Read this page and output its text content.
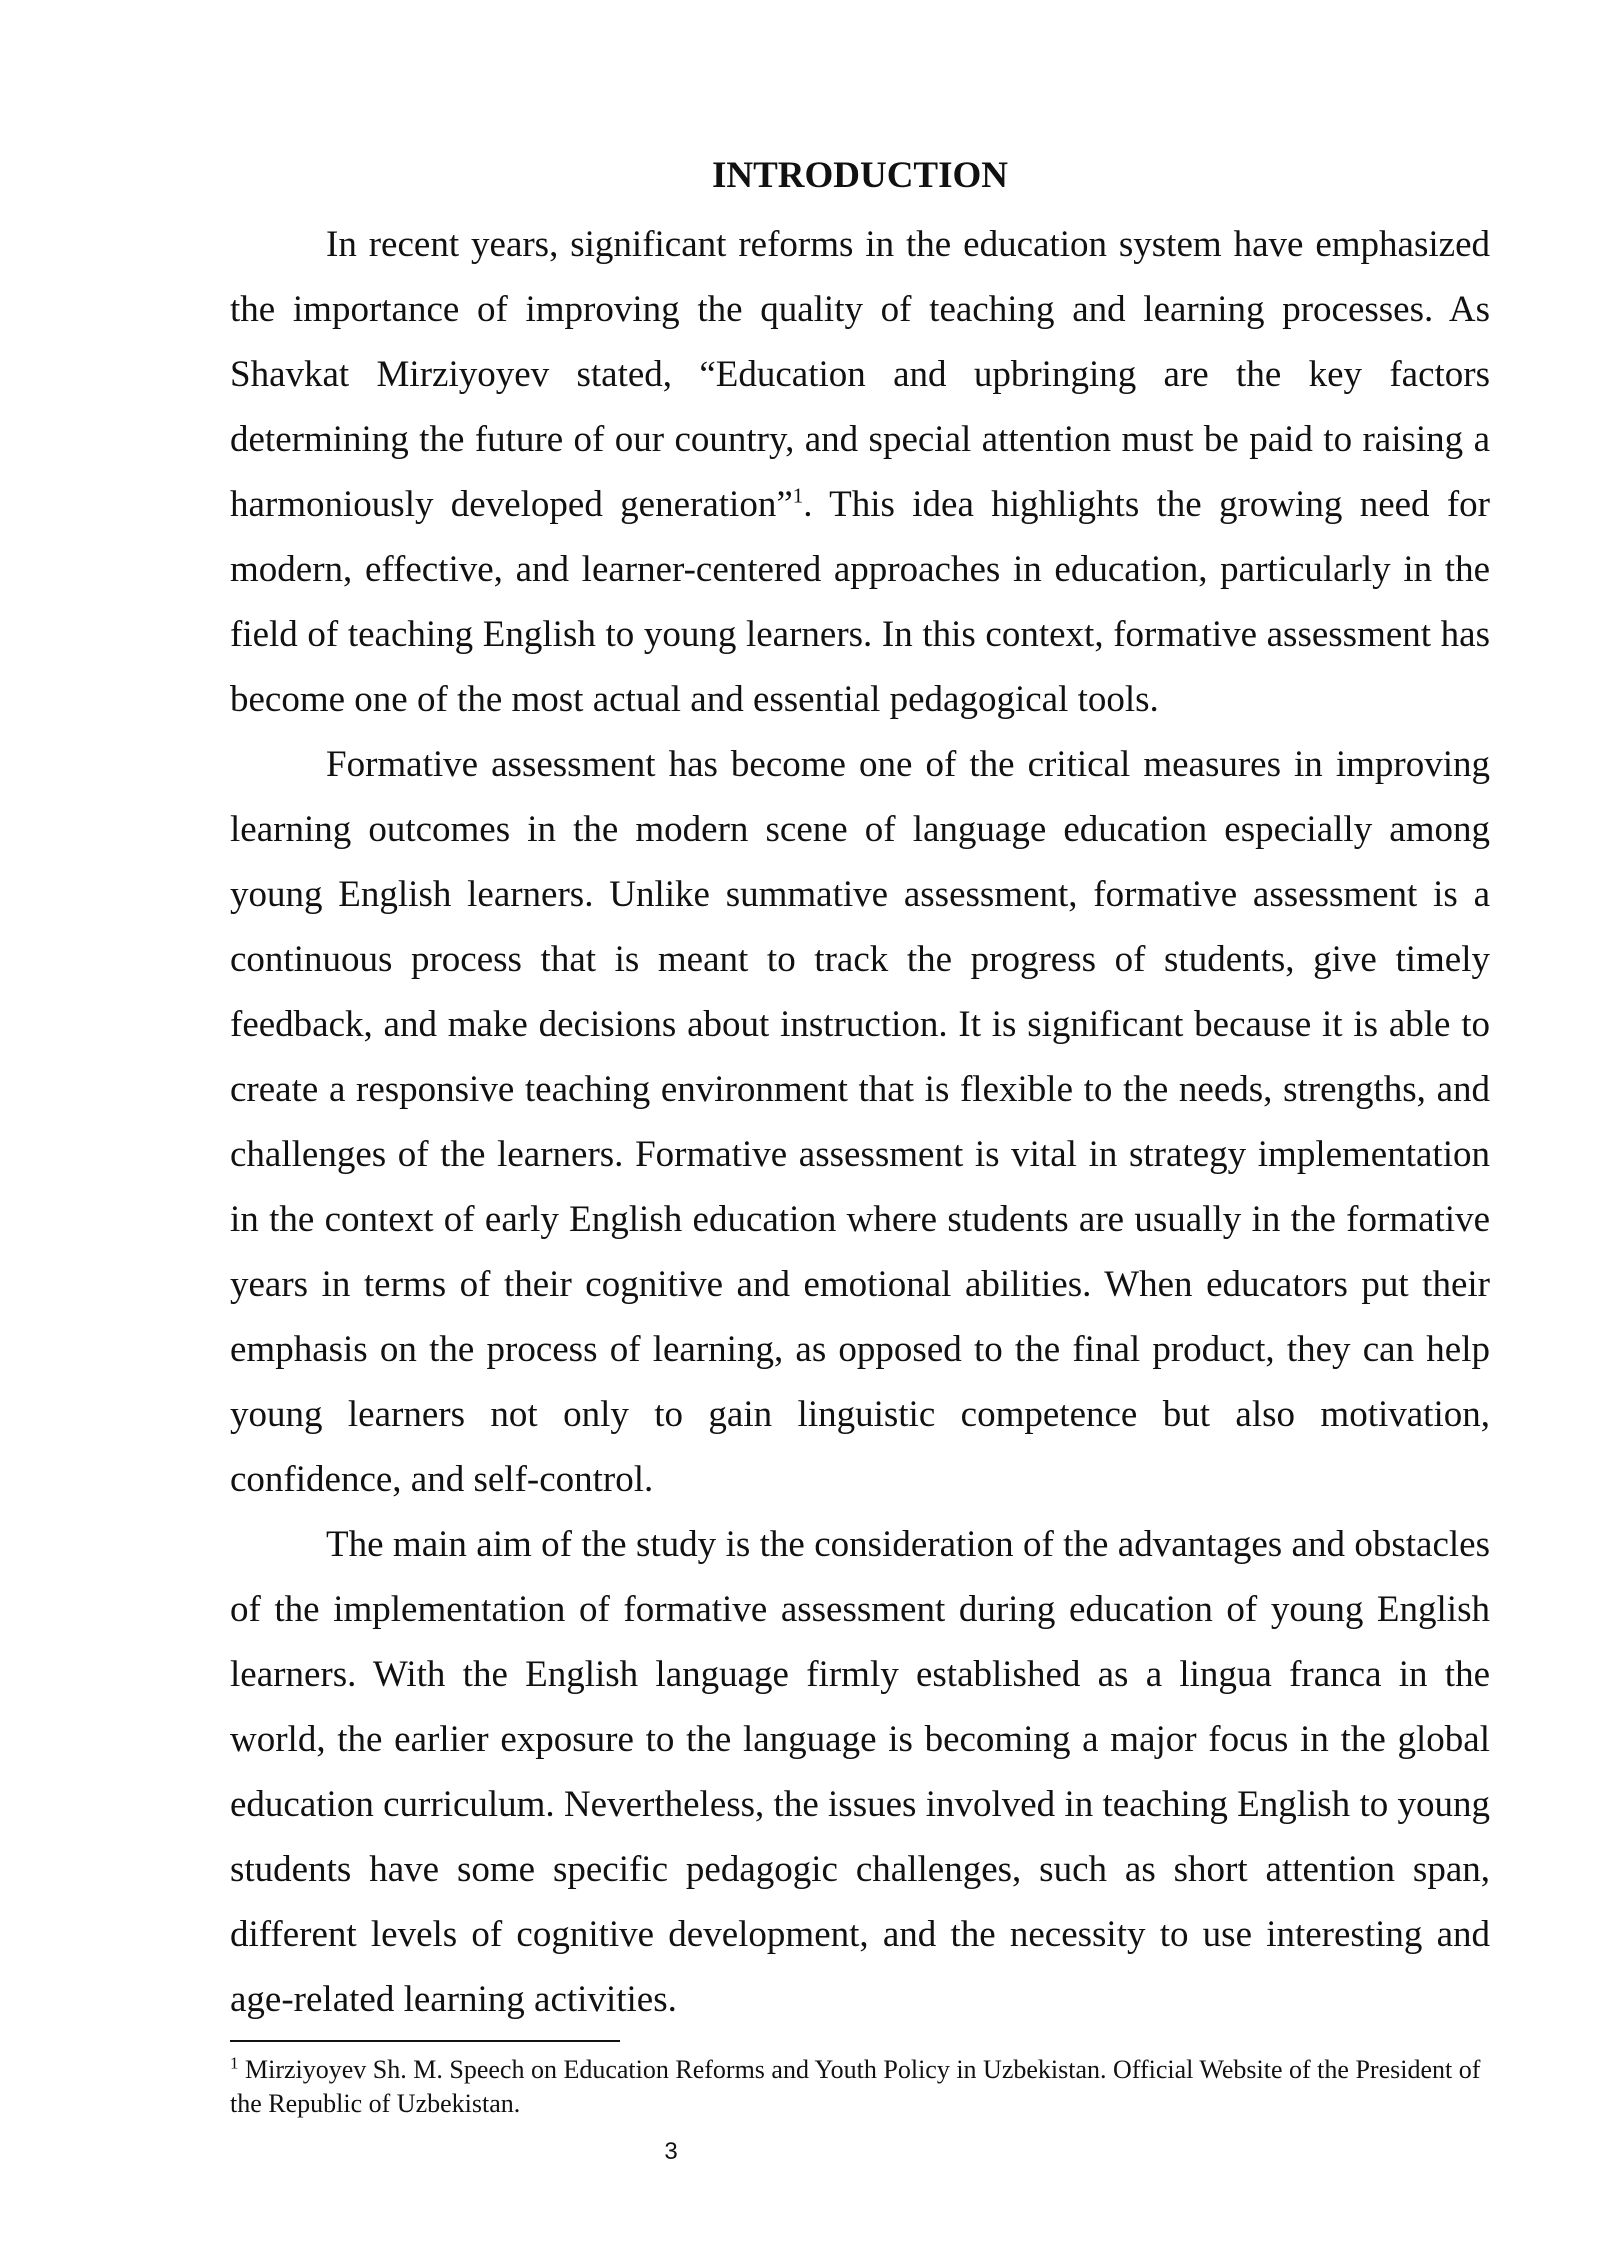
INTRODUCTION

In recent years, significant reforms in the education system have emphasized the importance of improving the quality of teaching and learning processes. As Shavkat Mirziyoyev stated, “Education and upbringing are the key factors determining the future of our country, and special attention must be paid to raising a harmoniously developed generation”$^1$. This idea highlights the growing need for modern, effective, and learner-centered approaches in education, particularly in the field of teaching English to young learners. In this context, formative assessment has become one of the most actual and essential pedagogical tools.

Formative assessment has become one of the critical measures in improving learning outcomes in the modern scene of language education especially among young English learners. Unlike summative assessment, formative assessment is a continuous process that is meant to track the progress of students, give timely feedback, and make decisions about instruction. It is significant because it is able to create a responsive teaching environment that is flexible to the needs, strengths, and challenges of the learners. Formative assessment is vital in strategy implementation in the context of early English education where students are usually in the formative years in terms of their cognitive and emotional abilities. When educators put their emphasis on the process of learning, as opposed to the final product, they can help young learners not only to gain linguistic competence but also motivation, confidence, and self-control.

The main aim of the study is the consideration of the advantages and obstacles of the implementation of formative assessment during education of young English learners. With the English language firmly established as a lingua franca in the world, the earlier exposure to the language is becoming a major focus in the global education curriculum. Nevertheless, the issues involved in teaching English to young students have some specific pedagogic challenges, such as short attention span, different levels of cognitive development, and the necessity to use interesting and age-related learning activities.

$^1$ Mirziyoyev Sh. M. Speech on Education Reforms and Youth Policy in Uzbekistan. Official Website of the President of the Republic of Uzbekistan.

3
